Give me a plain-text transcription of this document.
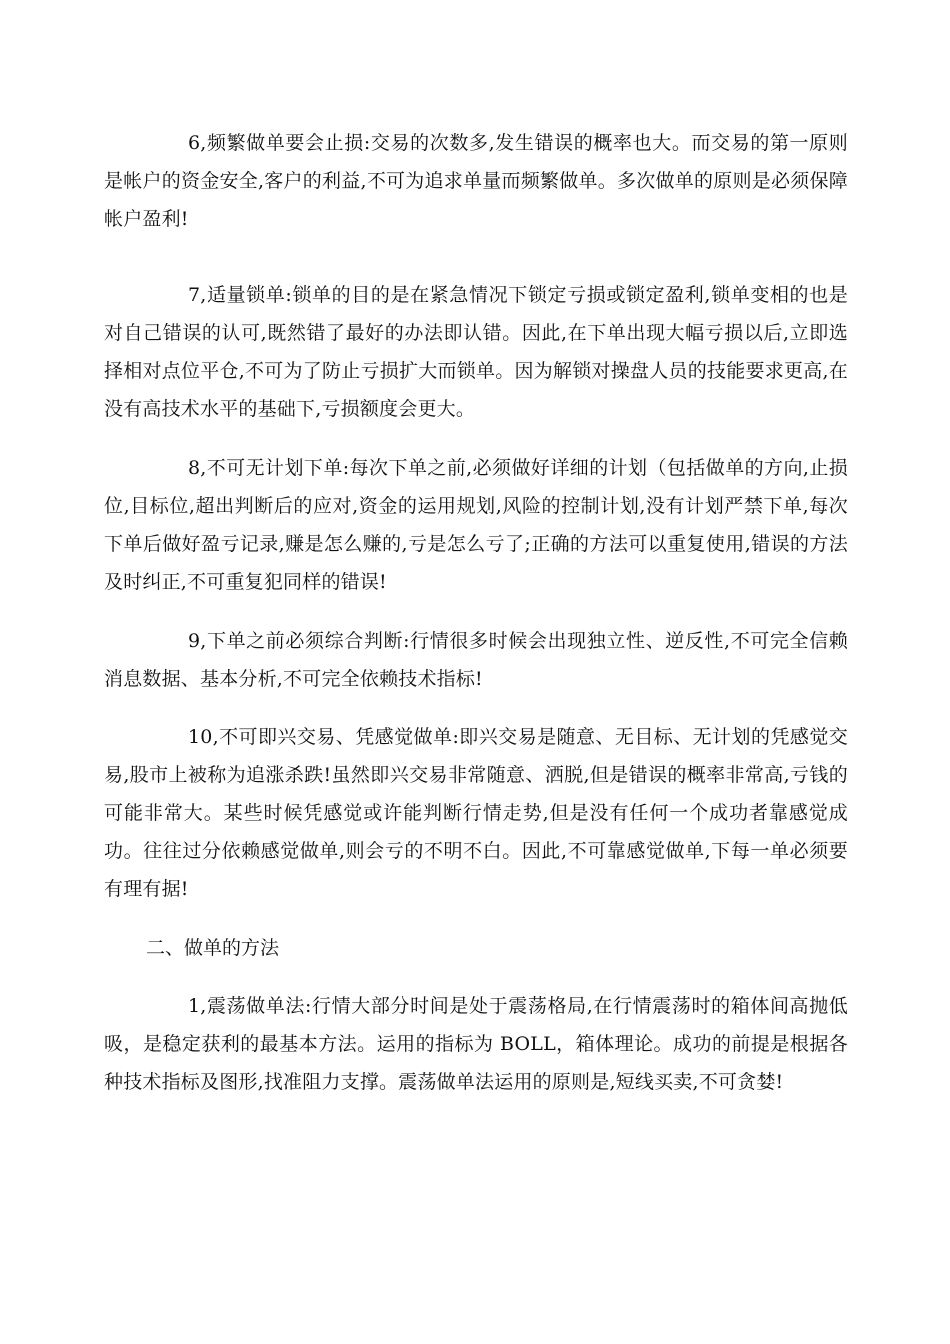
6,频繁做单要会止损:交易的次数多,发生错误的概率也大。而交易的第一原则是帐户的资金安全,客户的利益,不可为追求单量而频繁做单。多次做单的原则是必须保障帐户盈利!

7,适量锁单:锁单的目的是在紧急情况下锁定亏损或锁定盈利,锁单变相的也是对自己错误的认可,既然错了最好的办法即认错。因此,在下单出现大幅亏损以后,立即选择相对点位平仓,不可为了防止亏损扩大而锁单。因为解锁对操盘人员的技能要求更高,在没有高技术水平的基础下,亏损额度会更大。

8,不可无计划下单:每次下单之前,必须做好详细的计划（包括做单的方向,止损位,目标位,超出判断后的应对,资金的运用规划,风险的控制计划,没有计划严禁下单,每次下单后做好盈亏记录,赚是怎么赚的,亏是怎么亏了;正确的方法可以重复使用,错误的方法及时纠正,不可重复犯同样的错误!

9,下单之前必须综合判断:行情很多时候会出现独立性、逆反性,不可完全信赖消息数据、基本分析,不可完全依赖技术指标!

10,不可即兴交易、凭感觉做单:即兴交易是随意、无目标、无计划的凭感觉交易,股市上被称为追涨杀跌!虽然即兴交易非常随意、洒脱,但是错误的概率非常高,亏钱的可能非常大。某些时候凭感觉或许能判断行情走势,但是没有任何一个成功者靠感觉成功。往往过分依赖感觉做单,则会亏的不明不白。因此,不可靠感觉做单,下每一单必须要有理有据!

二、做单的方法

1,震荡做单法:行情大部分时间是处于震荡格局,在行情震荡时的箱体间高抛低吸，是稳定获利的最基本方法。运用的指标为 BOLL，箱体理论。成功的前提是根据各种技术指标及图形,找准阻力支撑。震荡做单法运用的原则是,短线买卖,不可贪婪!
